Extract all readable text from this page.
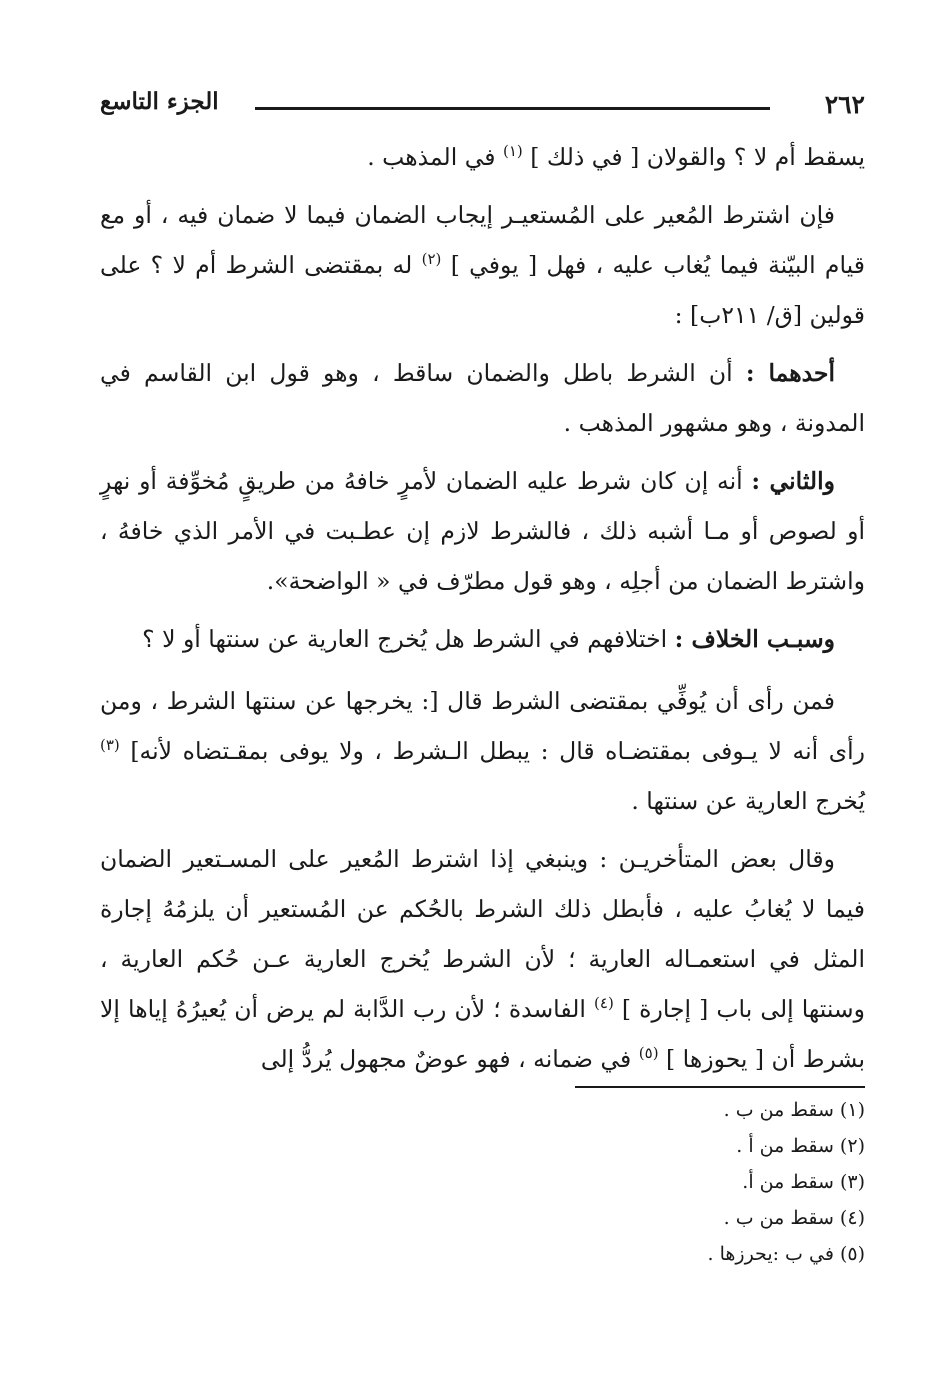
٢٦٢
الجزء التاسع

يسقط أم لا ؟ والقولان [ في ذلك ] $^{(١)}$ في المذهب .

فإن اشترط المُعير على المُستعيـر إيجاب الضمان فيما لا ضمان فيه ، أو مع قيام البيّنة فيما يُغاب عليه ، فهل [ يوفي ] $^{(٢)}$ له بمقتضى الشرط أم لا ؟ على قولين [ق/ ٢١١ب] :

أحدهما : أن الشرط باطل والضمان ساقط ، وهو قول ابن القاسم في المدونة ، وهو مشهور المذهب .

والثاني : أنه إن كان شرط عليه الضمان لأمرٍ خافهُ من طريقٍ مُخوِّفة أو نهرٍ أو لصوص أو مـا أشبه ذلك ، فالشرط لازم إن عطـبت في الأمر الذي خافهُ ، واشترط الضمان من أجلِه ، وهو قول مطرّف في « الواضحة».

وسبـب الخلاف : اختلافهم في الشرط هل يُخرج العارية عن سنتها أو لا ؟

فمن رأى أن يُوفِّي بمقتضى الشرط قال [: يخرجها عن سنتها الشرط ، ومن رأى أنه لا يـوفى بمقتضـاه قال : يبطل الـشرط ، ولا يوفى بمقـتضاه لأنه] $^{(٣)}$ يُخرج العارية عن سنتها .

وقال بعض المتأخريـن : وينبغي إذا اشترط المُعير على المسـتعير الضمان فيما لا يُغابُ عليه ، فأبطل ذلك الشرط بالحُكم عن المُستعير أن يلزمُهُ إجارة المثل في استعمـاله العارية ؛ لأن الشرط يُخرج العارية عـن حُكم العارية ، وسنتها إلى باب [ إجارة ] $^{(٤)}$ الفاسدة ؛ لأن رب الدَّابة لم يرض أن يُعيرُهُ إياها إلا بشرط أن [ يحوزها ] $^{(٥)}$ في ضمانه ، فهو عوضٌ مجهول يُردُّ إلى

(١) سقط من ب .
(٢) سقط من أ .
(٣) سقط من أ.
(٤) سقط من ب .
(٥) في ب :يحرزها .
